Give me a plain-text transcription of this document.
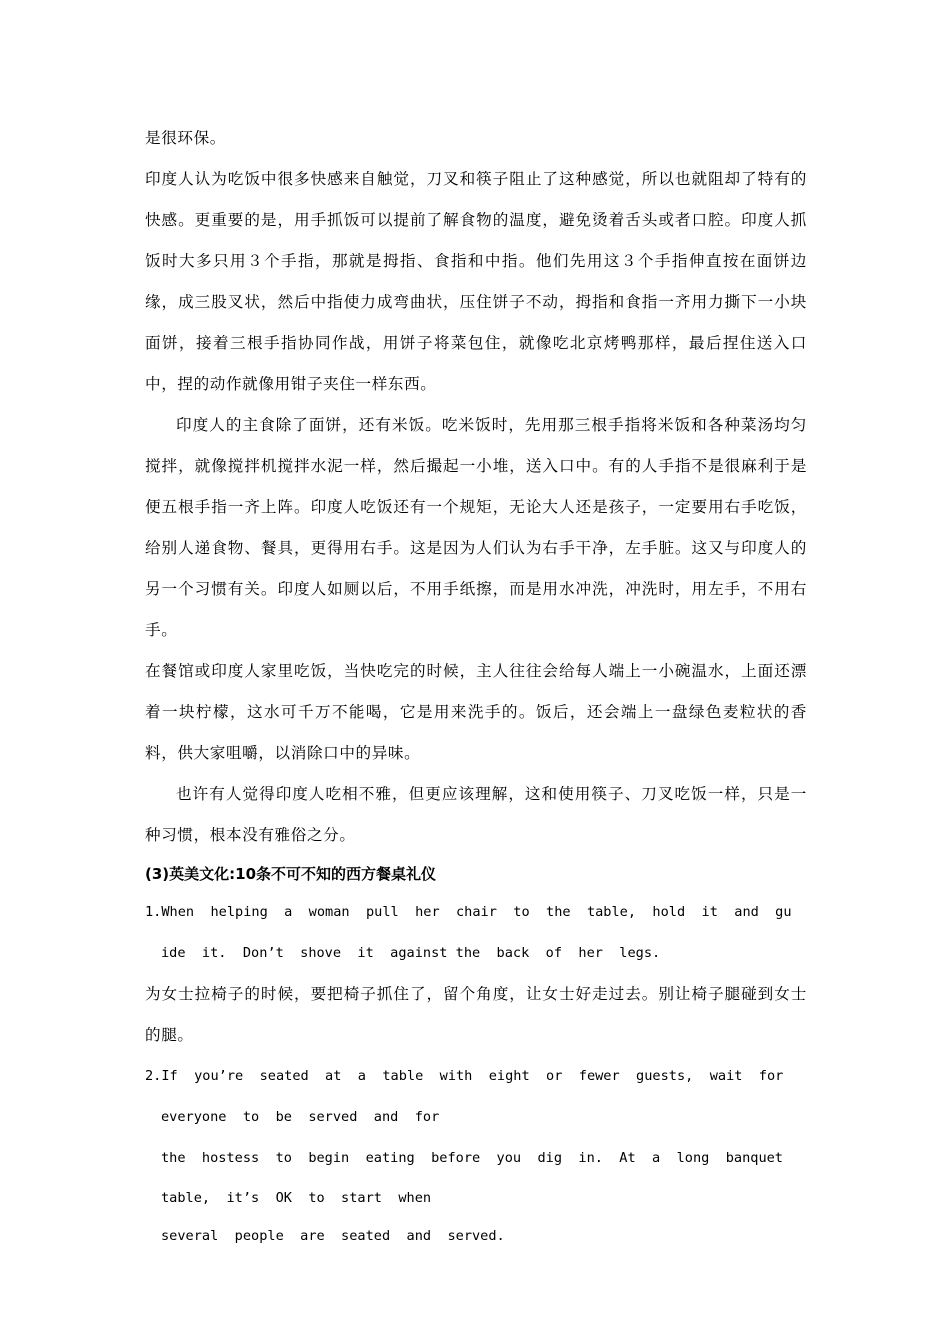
是很环保。

印度人认为吃饭中很多快感来自触觉，刀叉和筷子阻止了这种感觉，所以也就阻却了特有的快感。更重要的是，用手抓饭可以提前了解食物的温度，避免烫着舌头或者口腔。印度人抓饭时大多只用３个手指，那就是拇指、食指和中指。他们先用这３个手指伸直按在面饼边缘，成三股叉状，然后中指使力成弯曲状，压住饼子不动，拇指和食指一齐用力撕下一小块面饼，接着三根手指协同作战，用饼子将菜包住，就像吃北京烤鸭那样，最后捏住送入口中，捏的动作就像用钳子夹住一样东西。

印度人的主食除了面饼，还有米饭。吃米饭时，先用那三根手指将米饭和各种菜汤均匀搅拌，就像搅拌机搅拌水泥一样，然后撮起一小堆，送入口中。有的人手指不是很麻利于是便五根手指一齐上阵。印度人吃饭还有一个规矩，无论大人还是孩子，一定要用右手吃饭，给别人递食物、餐具，更得用右手。这是因为人们认为右手干净，左手脏。这又与印度人的另一个习惯有关。印度人如厕以后，不用手纸擦，而是用水冲洗，冲洗时，用左手，不用右手。

在餐馆或印度人家里吃饭，当快吃完的时候，主人往往会给每人端上一小碗温水，上面还漂着一块柠檬，这水可千万不能喝，它是用来洗手的。饭后，还会端上一盘绿色麦粒状的香料，供大家咀嚼，以消除口中的异味。

也许有人觉得印度人吃相不雅，但更应该理解，这和使用筷子、刀叉吃饭一样，只是一种习惯，根本没有雅俗之分。

(3)英美文化:10条不可不知的西方餐桌礼仪

1.When  helping  a  woman  pull  her  chair  to  the  table,  hold  it  and  gu

ide  it.  Don’t  shove  it  against the  back  of  her  legs.

为女士拉椅子的时候，要把椅子抓住了，留个角度，让女士好走过去。别让椅子腿碰到女士的腿。

2.If  you’re  seated  at  a  table  with  eight  or  fewer  guests,  wait  for

everyone  to  be  served  and  for

the  hostess  to  begin  eating  before  you  dig  in.  At  a  long  banquet

table,  it’s  OK  to  start  when

several  people  are  seated  and  served.
